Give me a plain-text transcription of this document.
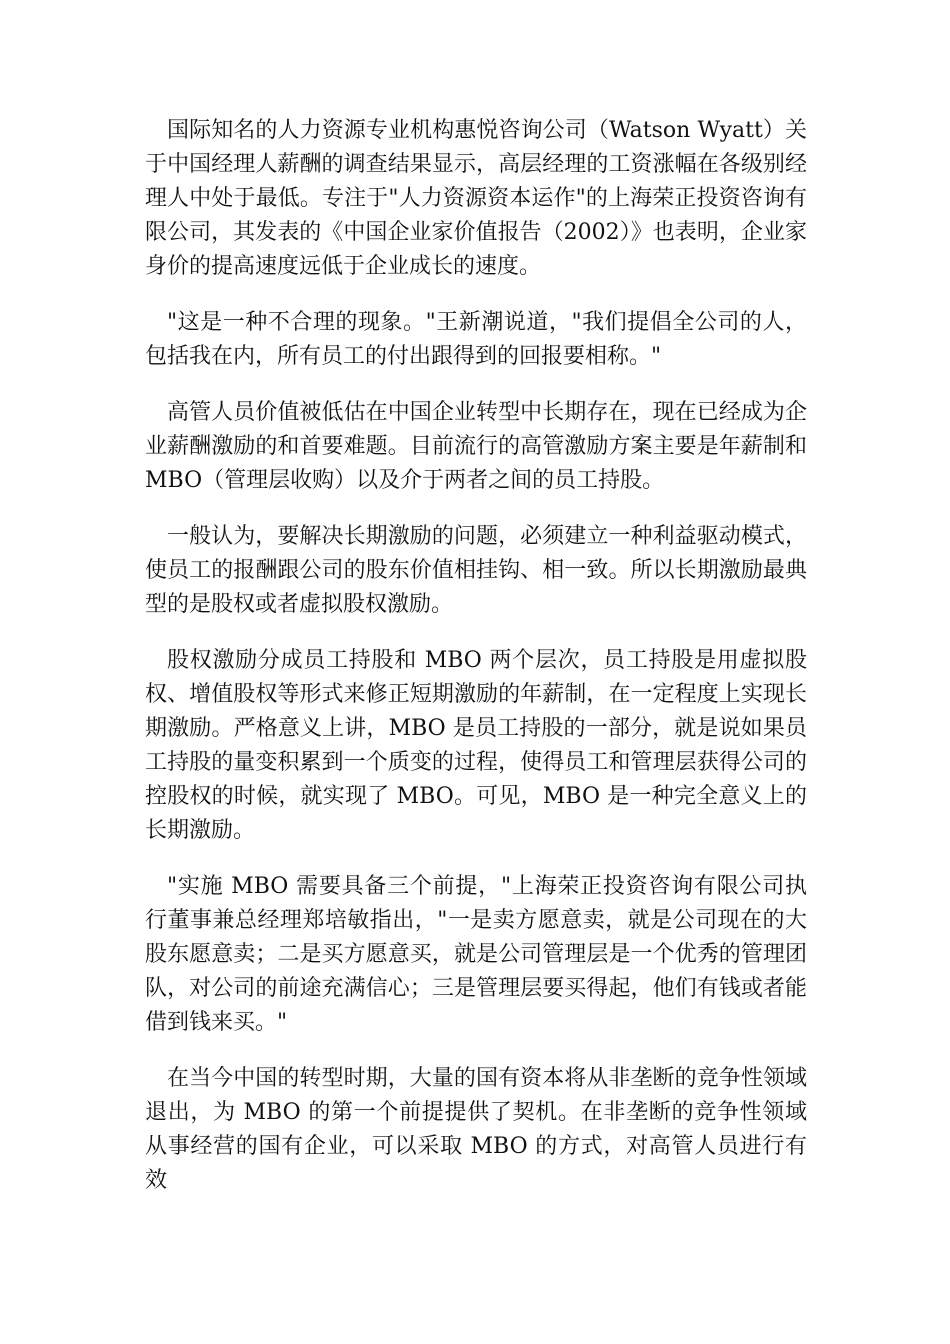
国际知名的人力资源专业机构惠悦咨询公司（Watson Wyatt）关于中国经理人薪酬的调查结果显示，高层经理的工资涨幅在各级别经理人中处于最低。专注于"人力资源资本运作"的上海荣正投资咨询有限公司，其发表的《中国企业家价值报告（2002）》也表明，企业家身价的提高速度远低于企业成长的速度。

"这是一种不合理的现象。"王新潮说道，"我们提倡全公司的人，包括我在内，所有员工的付出跟得到的回报要相称。"

高管人员价值被低估在中国企业转型中长期存在，现在已经成为企业薪酬激励的和首要难题。目前流行的高管激励方案主要是年薪制和 MBO（管理层收购）以及介于两者之间的员工持股。

一般认为，要解决长期激励的问题，必须建立一种利益驱动模式，使员工的报酬跟公司的股东价值相挂钩、相一致。所以长期激励最典型的是股权或者虚拟股权激励。

股权激励分成员工持股和 MBO 两个层次，员工持股是用虚拟股权、增值股权等形式来修正短期激励的年薪制，在一定程度上实现长期激励。严格意义上讲，MBO 是员工持股的一部分，就是说如果员工持股的量变积累到一个质变的过程，使得员工和管理层获得公司的控股权的时候，就实现了 MBO。可见，MBO 是一种完全意义上的长期激励。

"实施 MBO 需要具备三个前提，"上海荣正投资咨询有限公司执行董事兼总经理郑培敏指出，"一是卖方愿意卖，就是公司现在的大股东愿意卖；二是买方愿意买，就是公司管理层是一个优秀的管理团队，对公司的前途充满信心；三是管理层要买得起，他们有钱或者能借到钱来买。"

在当今中国的转型时期，大量的国有资本将从非垄断的竞争性领域退出，为 MBO 的第一个前提提供了契机。在非垄断的竞争性领域从事经营的国有企业，可以采取 MBO 的方式，对高管人员进行有效
